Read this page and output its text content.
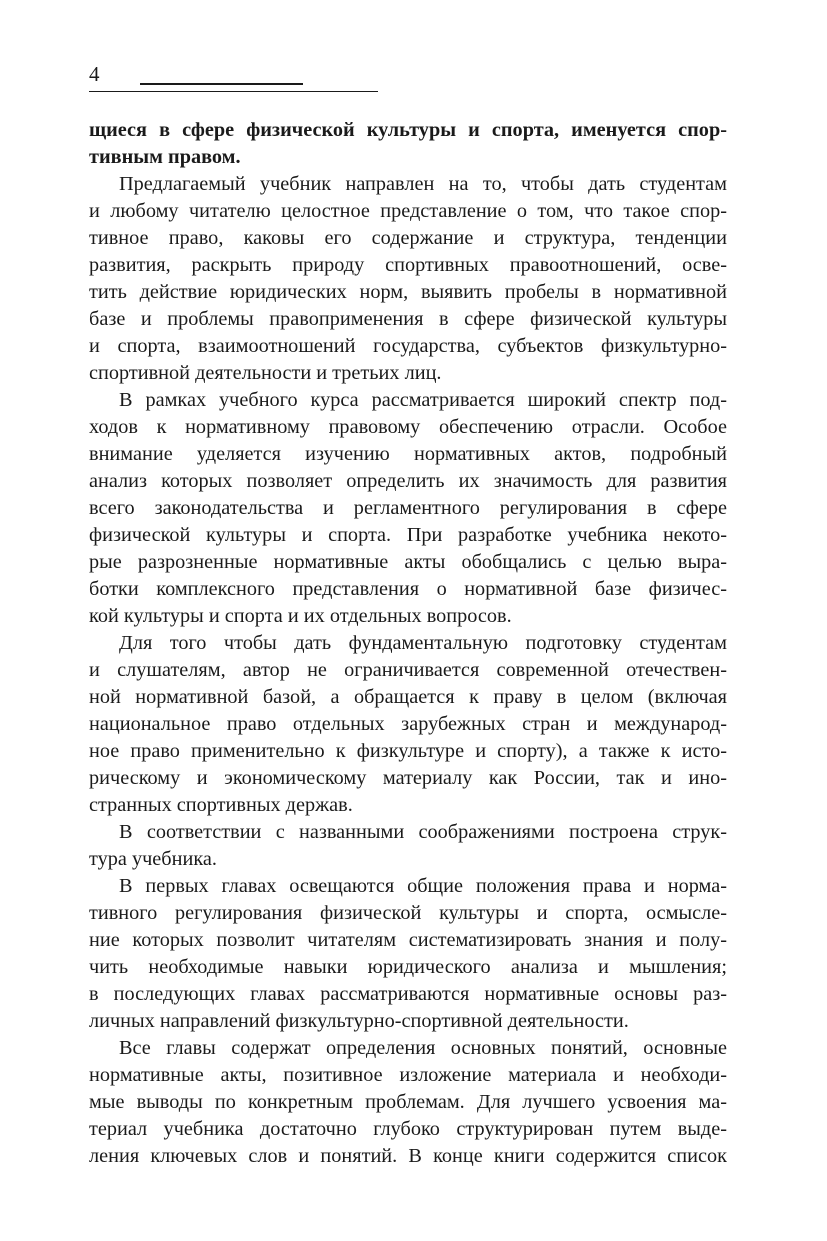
4
щиеся в сфере физической культуры и спорта, именуется спор-
тивным правом.
Предлагаемый учебник направлен на то, чтобы дать студентам
и любому читателю целостное представление о том, что такое спор-
тивное право, каковы его содержание и структура, тенденции
развития, раскрыть природу спортивных правоотношений, осве-
тить действие юридических норм, выявить пробелы в нормативной
базе и проблемы правоприменения в сфере физической культуры
и спорта, взаимоотношений государства, субъектов физкультурно-
спортивной деятельности и третьих лиц.
В рамках учебного курса рассматривается широкий спектр под-
ходов к нормативному правовому обеспечению отрасли. Особое
внимание уделяется изучению нормативных актов, подробный
анализ которых позволяет определить их значимость для развития
всего законодательства и регламентного регулирования в сфере
физической культуры и спорта. При разработке учебника некото-
рые разрозненные нормативные акты обобщались с целью выра-
ботки комплексного представления о нормативной базе физичес-
кой культуры и спорта и их отдельных вопросов.
Для того чтобы дать фундаментальную подготовку студентам
и слушателям, автор не ограничивается современной отечествен-
ной нормативной базой, а обращается к праву в целом (включая
национальное право отдельных зарубежных стран и международ-
ное право применительно к физкультуре и спорту), а также к исто-
рическому и экономическому материалу как России, так и ино-
странных спортивных держав.
В соответствии с названными соображениями построена струк-
тура учебника.
В первых главах освещаются общие положения права и норма-
тивного регулирования физической культуры и спорта, осмысле-
ние которых позволит читателям систематизировать знания и полу-
чить необходимые навыки юридического анализа и мышления;
в последующих главах рассматриваются нормативные основы раз-
личных направлений физкультурно-спортивной деятельности.
Все главы содержат определения основных понятий, основные
нормативные акты, позитивное изложение материала и необходи-
мые выводы по конкретным проблемам. Для лучшего усвоения ма-
териал учебника достаточно глубоко структурирован путем выде-
ления ключевых слов и понятий. В конце книги содержится список
